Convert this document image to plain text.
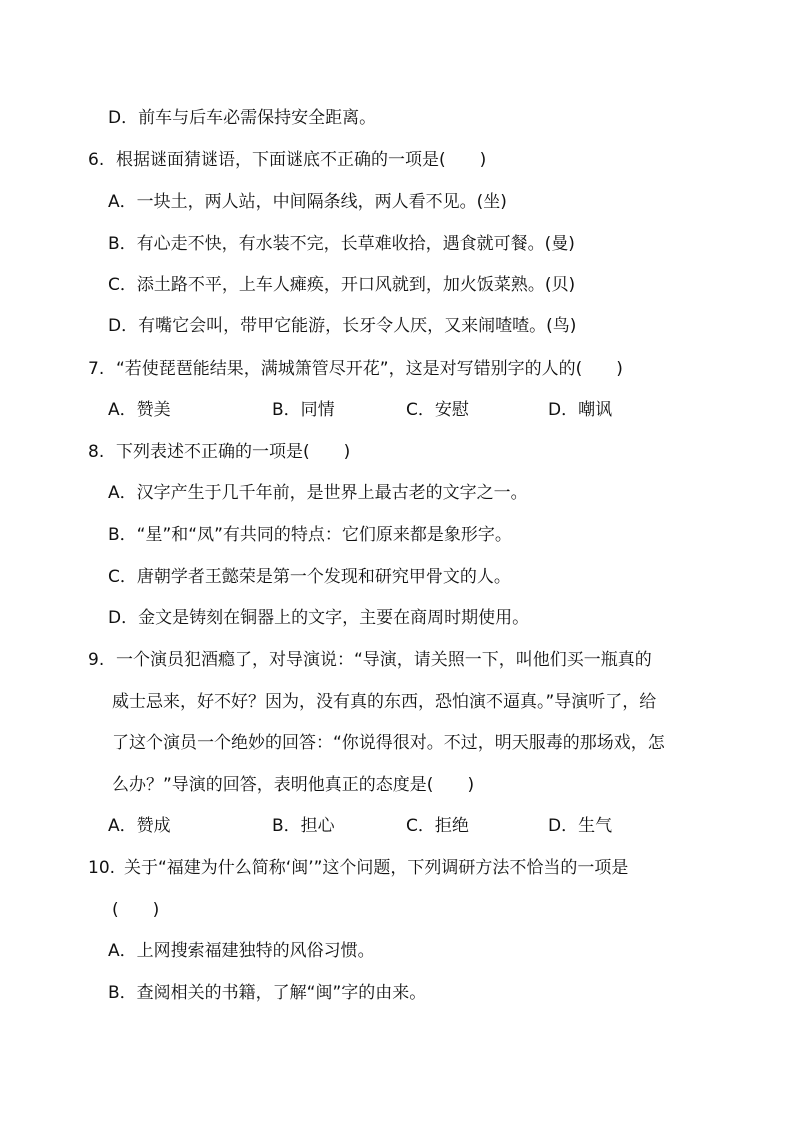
D．前车与后车必需保持安全距离。
6. 根据谜面猜谜语，下面谜底不正确的一项是(　　)
A．一块土，两人站，中间隔条线，两人看不见。(坐)
B．有心走不快，有水装不完，长草难收拾，遇食就可餐。(曼)
C．添土路不平，上车人瘫痪，开口风就到，加火饭菜熟。(贝)
D．有嘴它会叫，带甲它能游，长牙令人厌，又来闹喳喳。(鸟)
7. “若使琵琶能结果，满城箫管尽开花”，这是对写错别字的人的(　　)
A．赞美	B．同情	C．安慰	D．嘲讽
8. 下列表述不正确的一项是(　　)
A．汉字产生于几千年前，是世界上最古老的文字之一。
B．“星”和“凤”有共同的特点：它们原来都是象形字。
C．唐朝学者王懿荣是第一个发现和研究甲骨文的人。
D．金文是铸刻在铜器上的文字，主要在商周时期使用。
9. 一个演员犯酒瘾了，对导演说：“导演，请关照一下，叫他们买一瓶真的
威士忌来，好不好？因为，没有真的东西，恐怕演不逼真。”导演听了，给
了这个演员一个绝妙的回答：“你说得很对。不过，明天服毒的那场戏，怎
么办？”导演的回答，表明他真正的态度是(　　)
A．赞成	B．担心	C．拒绝	D．生气
10. 关于“福建为什么简称‘闽’”这个问题，下列调研方法不恰当的一项是
(　　)
A．上网搜索福建独特的风俗习惯。
B．查阅相关的书籍，了解“闽”字的由来。
